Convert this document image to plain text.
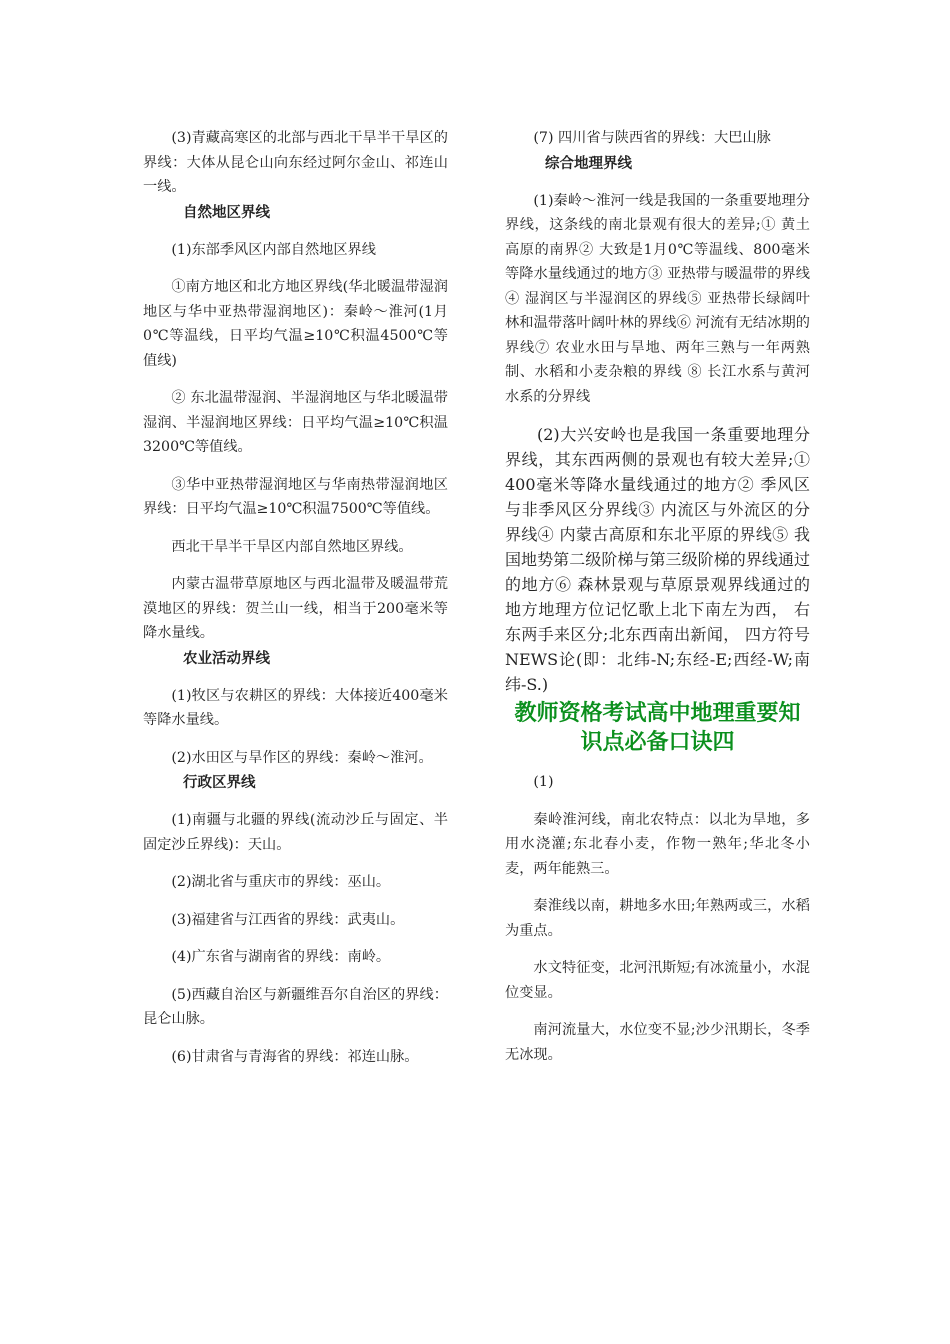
(3)青藏高寒区的北部与西北干旱半干旱区的界线：大体从昆仑山向东经过阿尔金山、祁连山一线。

自然地区界线

(1)东部季风区内部自然地区界线

①南方地区和北方地区界线(华北暖温带湿润地区与华中亚热带湿润地区)：秦岭～淮河(1月0℃等温线，日平均气温≥10℃积温4500℃等值线)

② 东北温带湿润、半湿润地区与华北暖温带湿润、半湿润地区界线：日平均气温≥10℃积温3200℃等值线。

③华中亚热带湿润地区与华南热带湿润地区界线：日平均气温≥10℃积温7500℃等值线。

西北干旱半干旱区内部自然地区界线。

内蒙古温带草原地区与西北温带及暖温带荒漠地区的界线：贺兰山一线，相当于200毫米等降水量线。

农业活动界线

(1)牧区与农耕区的界线：大体接近400毫米等降水量线。

(2)水田区与旱作区的界线：秦岭～淮河。

行政区界线

(1)南疆与北疆的界线(流动沙丘与固定、半固定沙丘界线)：天山。

(2)湖北省与重庆市的界线：巫山。

(3)福建省与江西省的界线：武夷山。

(4)广东省与湖南省的界线：南岭。

(5)西藏自治区与新疆维吾尔自治区的界线：昆仑山脉。

(6)甘肃省与青海省的界线：祁连山脉。

(7) 四川省与陕西省的界线：大巴山脉

综合地理界线

(1)秦岭～淮河一线是我国的一条重要地理分界线，这条线的南北景观有很大的差异;① 黄土高原的南界② 大致是1月0℃等温线、800毫米等降水量线通过的地方③ 亚热带与暖温带的界线④ 湿润区与半湿润区的界线⑤ 亚热带长绿阔叶林和温带落叶阔叶林的界线⑥ 河流有无结冰期的界线⑦ 农业水田与旱地、两年三熟与一年两熟制、水稻和小麦杂粮的界线 ⑧ 长江水系与黄河水系的分界线

(2)大兴安岭也是我国一条重要地理分界线，其东西两侧的景观也有较大差异;① 400毫米等降水量线通过的地方② 季风区与非季风区分界线③ 内流区与外流区的分界线④ 内蒙古高原和东北平原的界线⑤ 我国地势第二级阶梯与第三级阶梯的界线通过的地方⑥ 森林景观与草原景观界线通过的地方地理方位记忆歌上北下南左为西， 右东两手来区分;北东西南出新闻， 四方符号NEWS论(即：北纬-N;东经-E;西经-W;南纬-S.)

教师资格考试高中地理重要知识点必备口诀四

(1)

秦岭淮河线，南北农特点：以北为旱地，多用水浇灌;东北春小麦，作物一熟年;华北冬小麦，两年能熟三。

秦淮线以南，耕地多水田;年熟两或三，水稻为重点。

水文特征变，北河汛斯短;有冰流量小，水混位变显。

南河流量大，水位变不显;沙少汛期长，冬季无冰现。
